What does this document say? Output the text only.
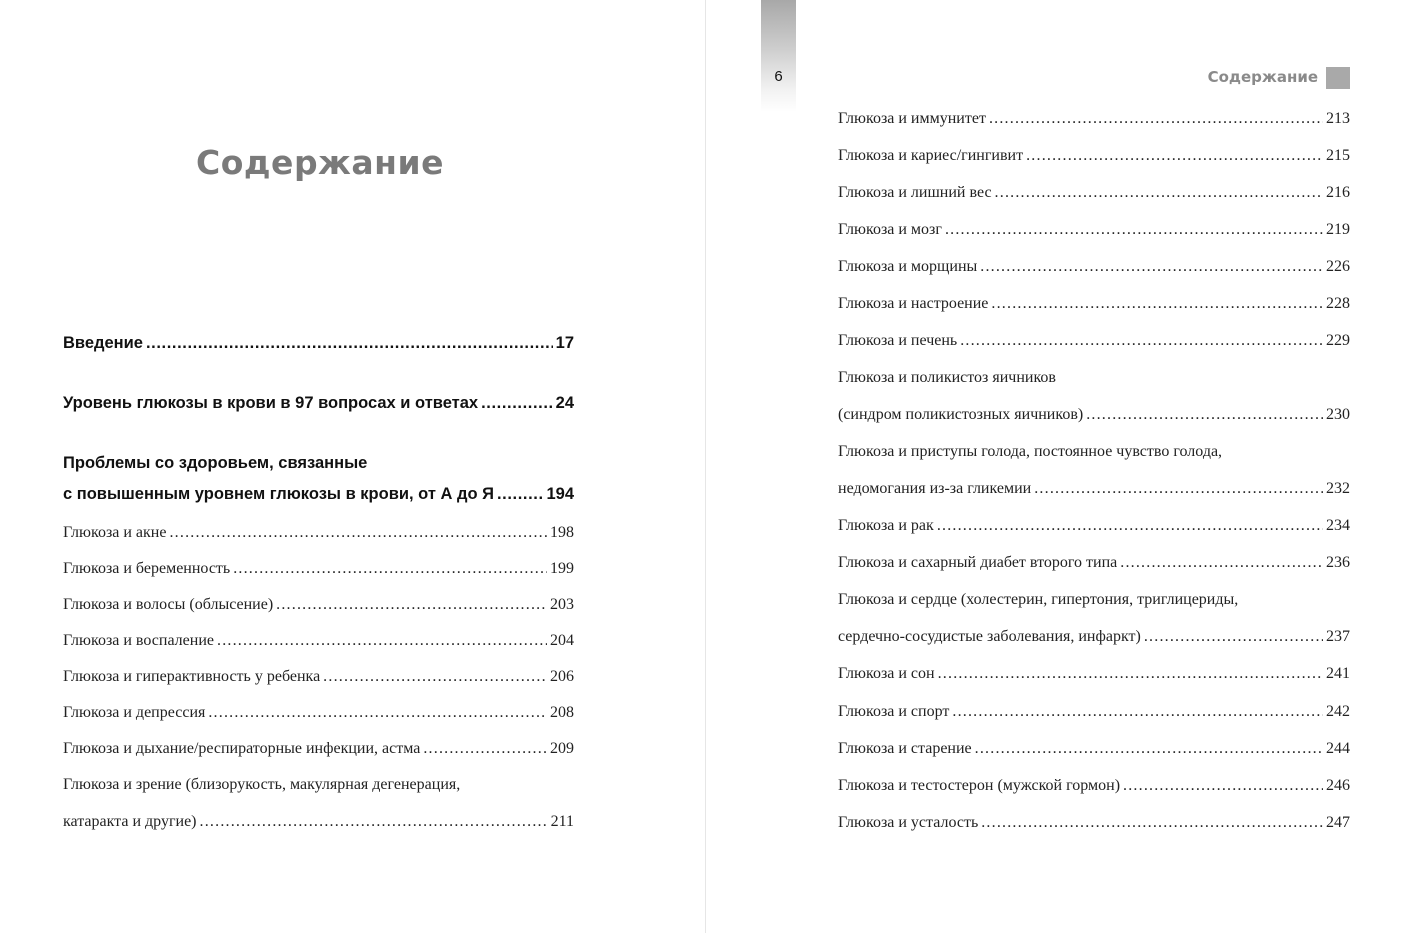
Содержание
Введение .....	17
Уровень глюкозы в крови в 97 вопросах и ответах .....	24
Проблемы со здоровьем, связанные
с повышенным уровнем глюкозы в крови, от А до Я .....	194
Глюкоза и акне .....	198
Глюкоза и беременность .....	199
Глюкоза и волосы (облысение) .....	203
Глюкоза и воспаление .....	204
Глюкоза и гиперактивность у ребенка .....	206
Глюкоза и депрессия .....	208
Глюкоза и дыхание/респираторные инфекции, астма .....	209
Глюкоза и зрение (близорукость, макулярная дегенерация,
катаракта и другие) .....	211
6	Содержание
Глюкоза и иммунитет .....	213
Глюкоза и кариес/гингивит .....	215
Глюкоза и лишний вес .....	216
Глюкоза и мозг .....	219
Глюкоза и морщины .....	226
Глюкоза и настроение .....	228
Глюкоза и печень .....	229
Глюкоза и поликистоз яичников
(синдром поликистозных яичников) .....	230
Глюкоза и приступы голода, постоянное чувство голода,
недомогания из-за гликемии .....	232
Глюкоза и рак .....	234
Глюкоза и сахарный диабет второго типа .....	236
Глюкоза и сердце (холестерин, гипертония, триглицериды,
сердечно-сосудистые заболевания, инфаркт) .....	237
Глюкоза и сон .....	241
Глюкоза и спорт .....	242
Глюкоза и старение .....	244
Глюкоза и тестостерон (мужской гормон) .....	246
Глюкоза и усталость .....	247
